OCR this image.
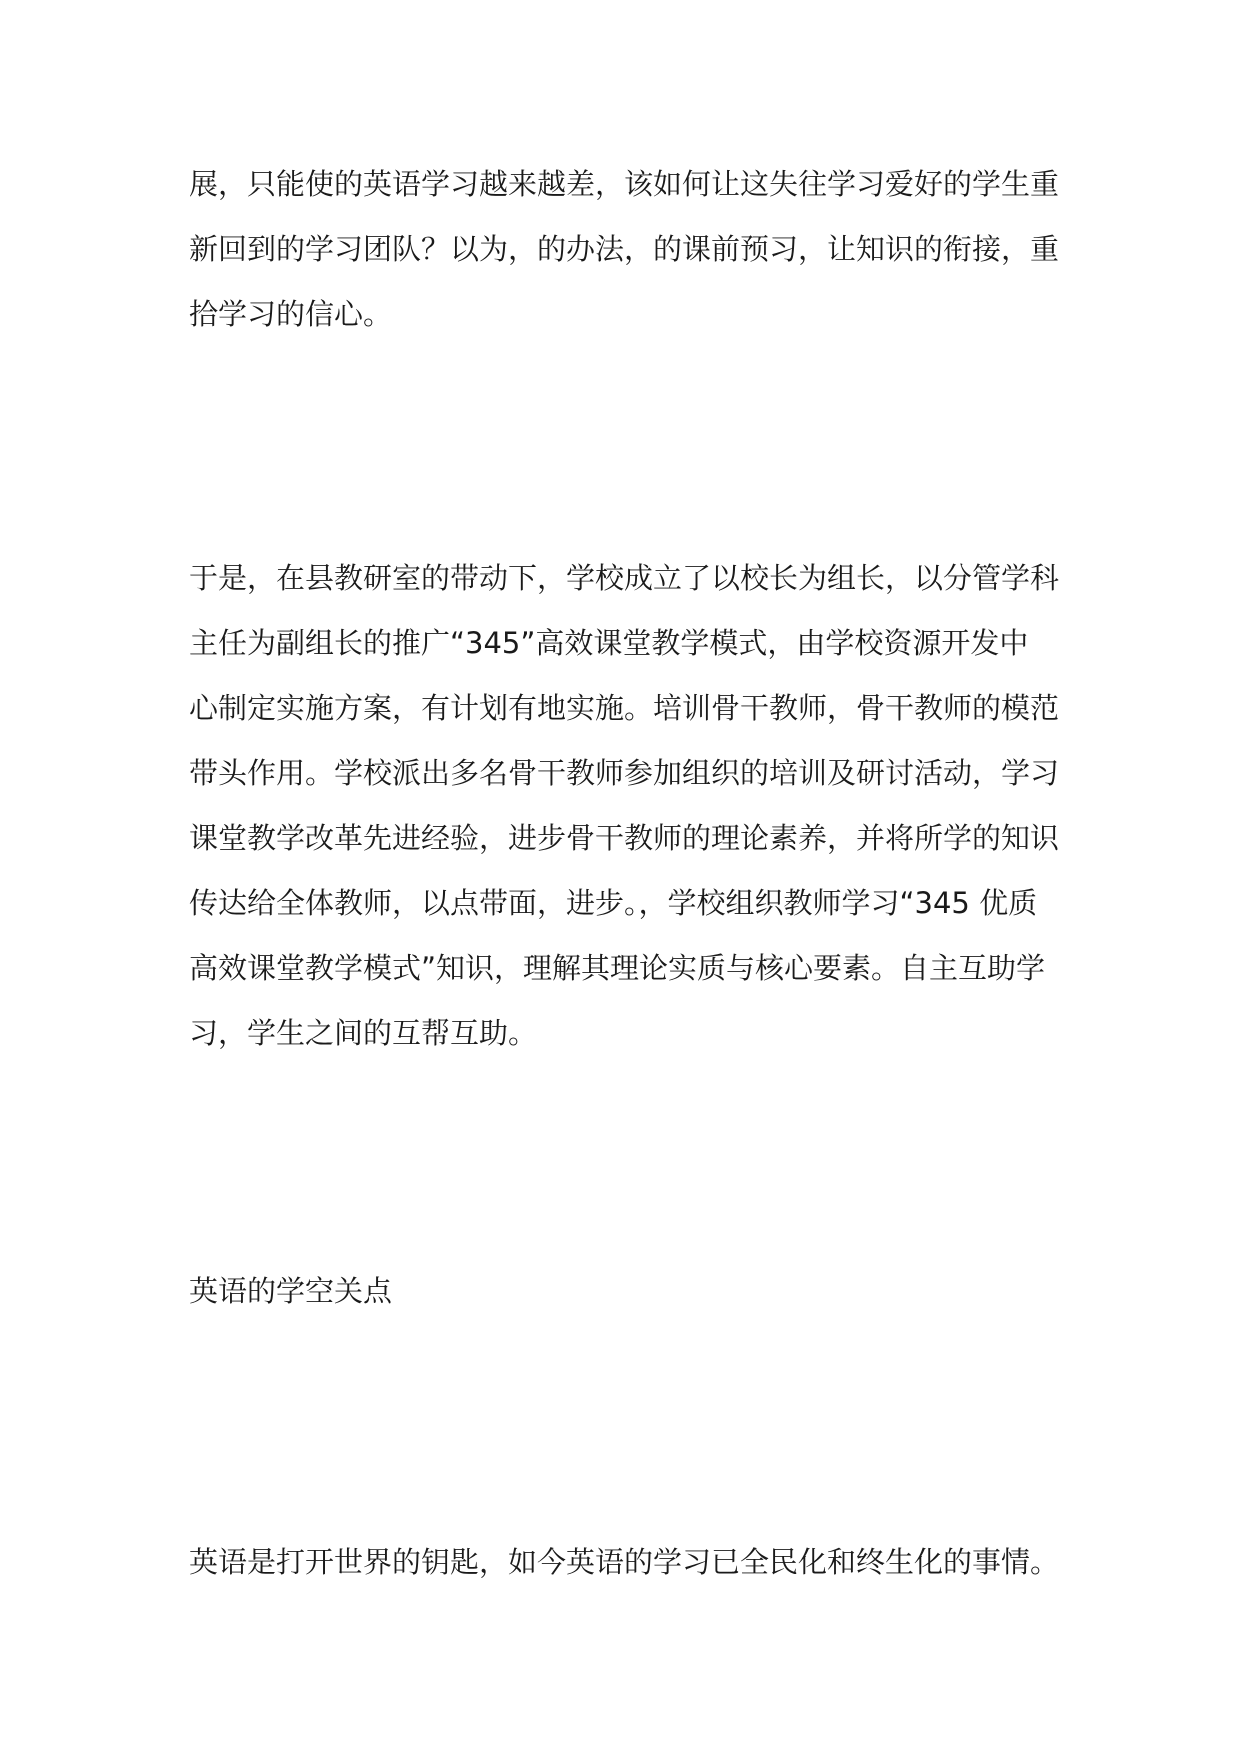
展，只能使的英语学习越来越差，该如何让这失往学习爱好的学生重
新回到的学习团队？以为，的办法，的课前预习，让知识的衔接，重
拾学习的信心。

于是，在县教研室的带动下，学校成立了以校长为组长，以分管学科
主任为副组长的推广“345”高效课堂教学模式，由学校资源开发中
心制定实施方案，有计划有地实施。培训骨干教师，骨干教师的模范
带头作用。学校派出多名骨干教师参加组织的培训及研讨活动，学习
课堂教学改革先进经验，进步骨干教师的理论素养，并将所学的知识
传达给全体教师，以点带面，进步。，学校组织教师学习“345 优质
高效课堂教学模式”知识，理解其理论实质与核心要素。自主互助学
习，学生之间的互帮互助。

英语的学空关点

英语是打开世界的钥匙，如今英语的学习已全民化和终生化的事情。
